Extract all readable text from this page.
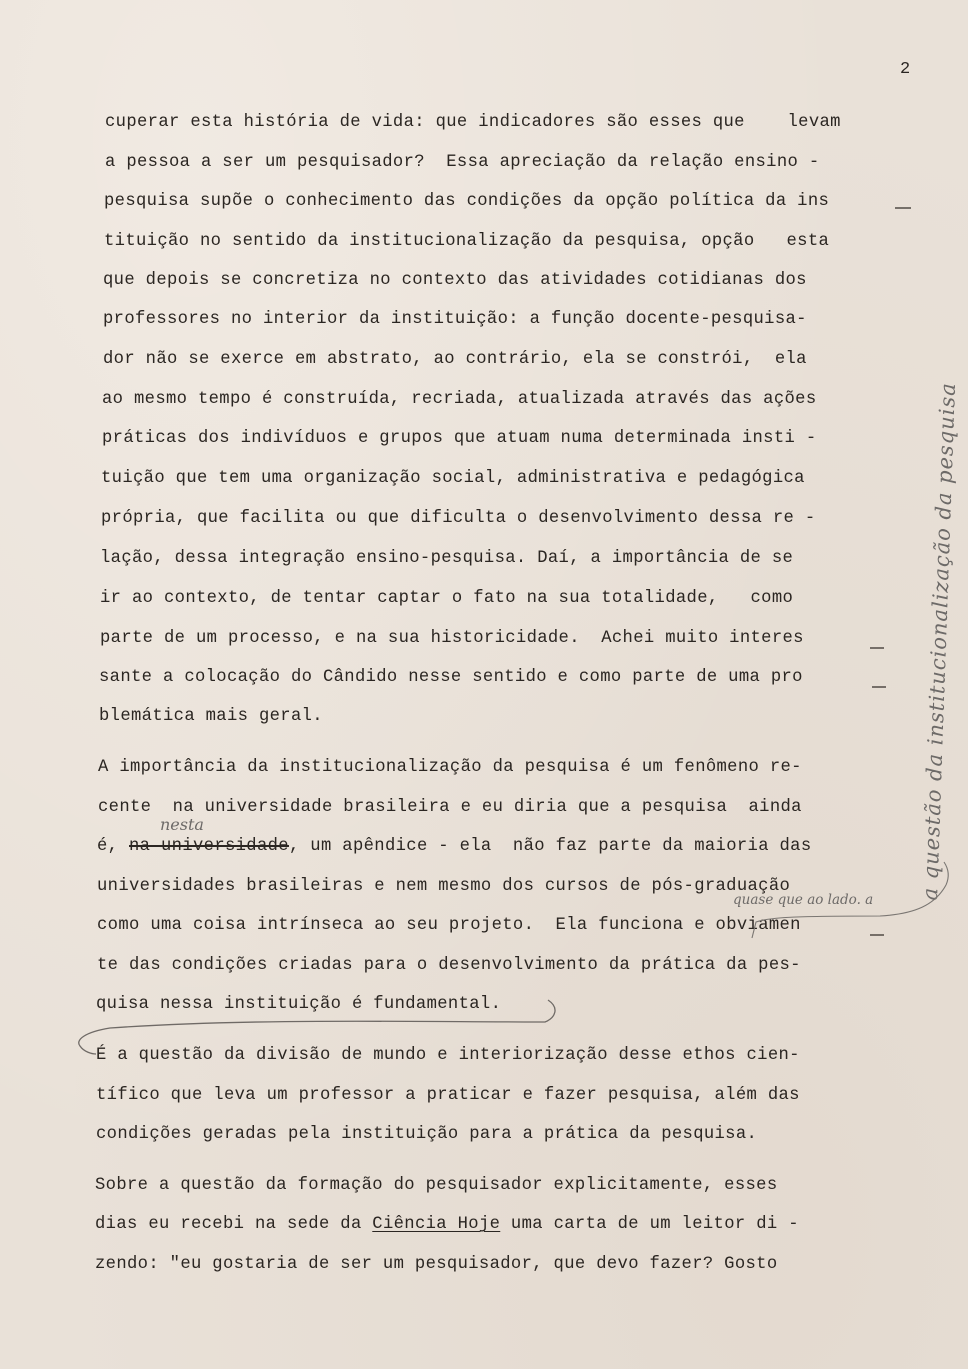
2
cuperar esta história de vida: que indicadores são esses que    levam
a pessoa a ser um pesquisador?  Essa apreciação da relação ensino -
pesquisa supõe o conhecimento das condições da opção política da ins
tituição no sentido da institucionalização da pesquisa, opção   esta
que depois se concretiza no contexto das atividades cotidianas dos
professores no interior da instituição: a função docente-pesquisa-
dor não se exerce em abstrato, ao contrário, ela se constrói,  ela
ao mesmo tempo é construída, recriada, atualizada através das ações
práticas dos indivíduos e grupos que atuam numa determinada insti -
tuição que tem uma organização social, administrativa e pedagógica
própria, que facilita ou que dificulta o desenvolvimento dessa re -
lação, dessa integração ensino-pesquisa. Daí, a importância de se
ir ao contexto, de tentar captar o fato na sua totalidade,   como
parte de um processo, e na sua historicidade.  Achei muito interes
sante a colocação do Cândido nesse sentido e como parte de uma pro
blemática mais geral.
A importância da institucionalização da pesquisa é um fenômeno re-
cente  na universidade brasileira e eu diria que a pesquisa  ainda
é, na universidade, um apêndice - ela  não faz parte da maioria das
universidades brasileiras e nem mesmo dos cursos de pós-graduação
como uma coisa intrínseca ao seu projeto.  Ela funciona e obviamen
te das condições criadas para o desenvolvimento da prática da pes-
quisa nessa instituição é fundamental.
É a questão da divisão de mundo e interiorização desse ethos cien-
tífico que leva um professor a praticar e fazer pesquisa, além das
condições geradas pela instituição para a prática da pesquisa.
Sobre a questão da formação do pesquisador explicitamente, esses
dias eu recebi na sede da Ciência Hoje uma carta de um leitor di -
zendo: "eu gostaria de ser um pesquisador, que devo fazer? Gosto
nesta
quase que ao lado. a a questão da institucionalização da pesquisa
